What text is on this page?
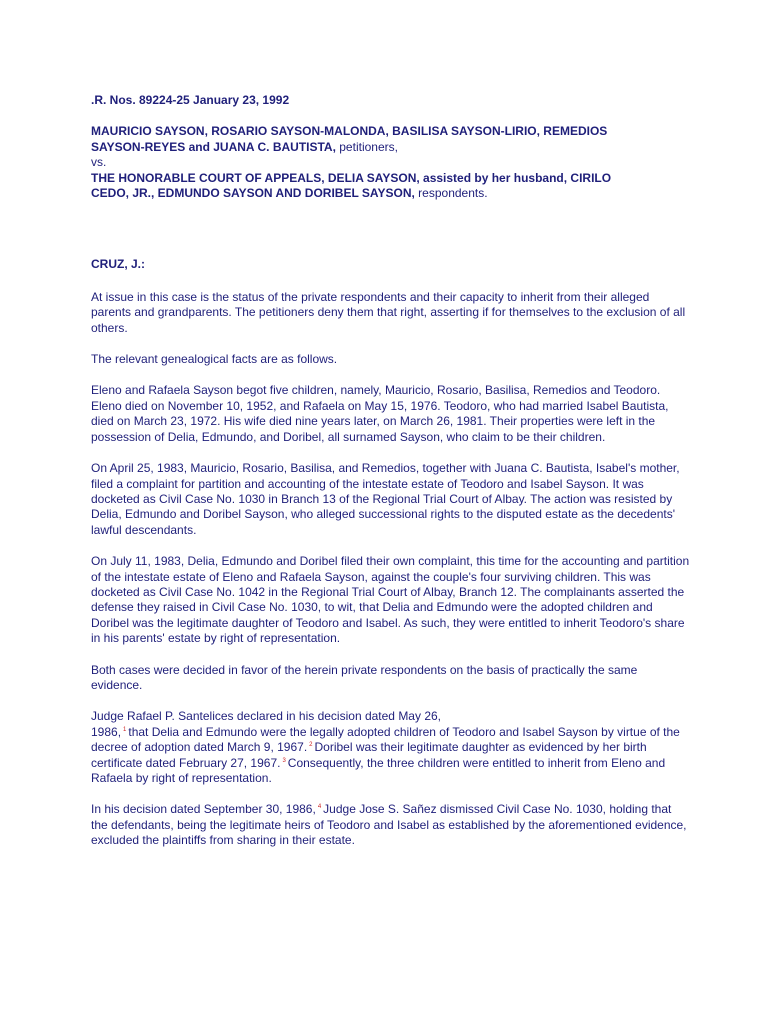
.R. Nos. 89224-25 January 23, 1992
MAURICIO SAYSON, ROSARIO SAYSON-MALONDA, BASILISA SAYSON-LIRIO, REMEDIOS
SAYSON-REYES and JUANA C. BAUTISTA, petitioners,
vs.
THE HONORABLE COURT OF APPEALS, DELIA SAYSON, assisted by her husband, CIRILO
CEDO, JR., EDMUNDO SAYSON AND DORIBEL SAYSON, respondents.
CRUZ, J.:

At issue in this case is the status of the private respondents and their capacity to inherit from their alleged parents and grandparents. The petitioners deny them that right, asserting if for themselves to the exclusion of all others.

The relevant genealogical facts are as follows.

Eleno and Rafaela Sayson begot five children, namely, Mauricio, Rosario, Basilisa, Remedios and Teodoro. Eleno died on November 10, 1952, and Rafaela on May 15, 1976. Teodoro, who had married Isabel Bautista, died on March 23, 1972. His wife died nine years later, on March 26, 1981. Their properties were left in the possession of Delia, Edmundo, and Doribel, all surnamed Sayson, who claim to be their children.

On April 25, 1983, Mauricio, Rosario, Basilisa, and Remedios, together with Juana C. Bautista, Isabel's mother, filed a complaint for partition and accounting of the intestate estate of Teodoro and Isabel Sayson. It was docketed as Civil Case No. 1030 in Branch 13 of the Regional Trial Court of Albay. The action was resisted by Delia, Edmundo and Doribel Sayson, who alleged successional rights to the disputed estate as the decedents' lawful descendants.

On July 11, 1983, Delia, Edmundo and Doribel filed their own complaint, this time for the accounting and partition of the intestate estate of Eleno and Rafaela Sayson, against the couple's four surviving children. This was docketed as Civil Case No. 1042 in the Regional Trial Court of Albay, Branch 12. The complainants asserted the defense they raised in Civil Case No. 1030, to wit, that Delia and Edmundo were the adopted children and Doribel was the legitimate daughter of Teodoro and Isabel. As such, they were entitled to inherit Teodoro's share in his parents' estate by right of representation.

Both cases were decided in favor of the herein private respondents on the basis of practically the same evidence.

Judge Rafael P. Santelices declared in his decision dated May 26,
1986, $^1$ that Delia and Edmundo were the legally adopted children of Teodoro and Isabel Sayson by virtue of the decree of adoption dated March 9, 1967. $^2$ Doribel was their legitimate daughter as evidenced by her birth certificate dated February 27, 1967. $^3$ Consequently, the three children were entitled to inherit from Eleno and Rafaela by right of representation.

In his decision dated September 30, 1986, $^4$ Judge Jose S. Sañez dismissed Civil Case No. 1030, holding that the defendants, being the legitimate heirs of Teodoro and Isabel as established by the aforementioned evidence, excluded the plaintiffs from sharing in their estate.
